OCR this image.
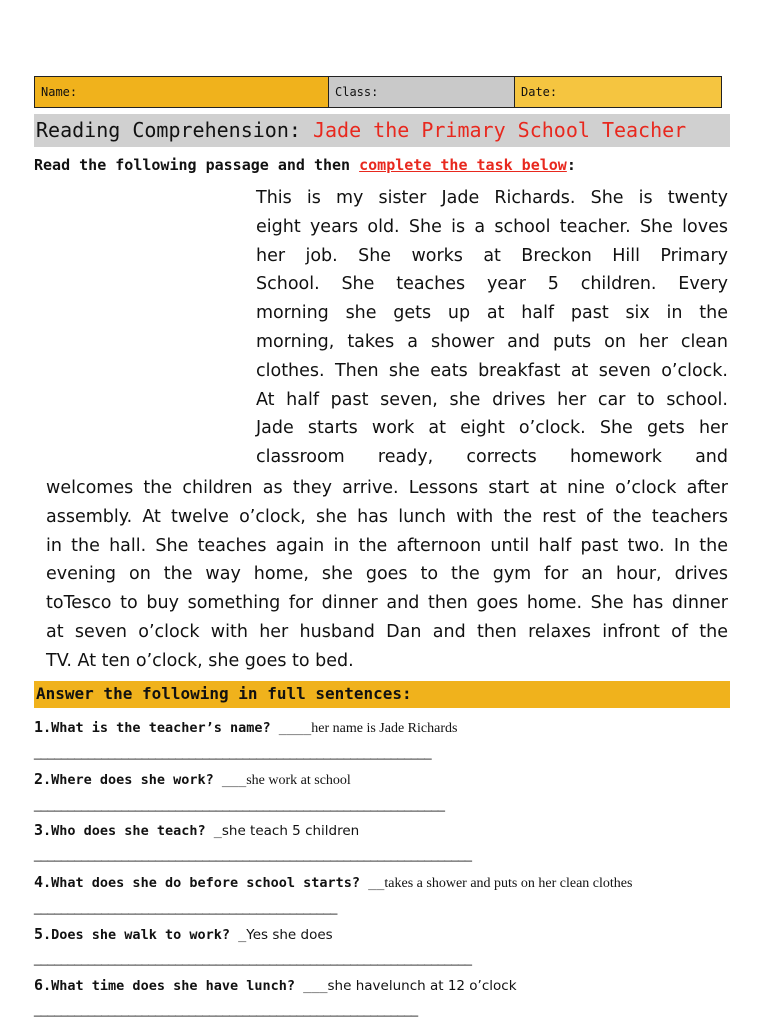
Name:	Class:	Date:
Reading Comprehension: Jade the Primary School Teacher
Read the following passage and then complete the task below:
This is my sister Jade Richards. She is twenty
eight years old. She is a school teacher. She loves
her job. She works at Breckon Hill Primary
School. She teaches year 5 children. Every
morning she gets up at half past six in the
morning, takes a shower and puts on her clean
clothes. Then she eats breakfast at seven o’clock.
At half past seven, she drives her car to school.
Jade starts work at eight o’clock. She gets her
classroom ready, corrects homework and
welcomes the children as they arrive. Lessons start at nine o’clock after
assembly. At twelve o’clock, she has lunch with the rest of the teachers
in the hall. She teaches again in the afternoon until half past two. In the
evening on the way home, she goes to the gym for an hour, drives
toTesco to buy something for dinner and then goes home. She has dinner
at seven o’clock with her husband Dan and then relaxes infront of the
TV. At ten o’clock, she goes to bed.
Answer the following in full sentences:
1.What is the teacher’s name? ____her name is Jade Richards
___________________________________________________________
2.Where does she work? ___she work at school
_____________________________________________________________
3.Who does she teach? _she teach 5 children
_________________________________________________________________
4.What does she do before school starts? __takes a shower and puts on her clean clothes
_____________________________________________
5.Does she walk to work? _Yes she does
_________________________________________________________________
6.What time does she have lunch? ___she havelunch at 12 o’clock
_________________________________________________________
